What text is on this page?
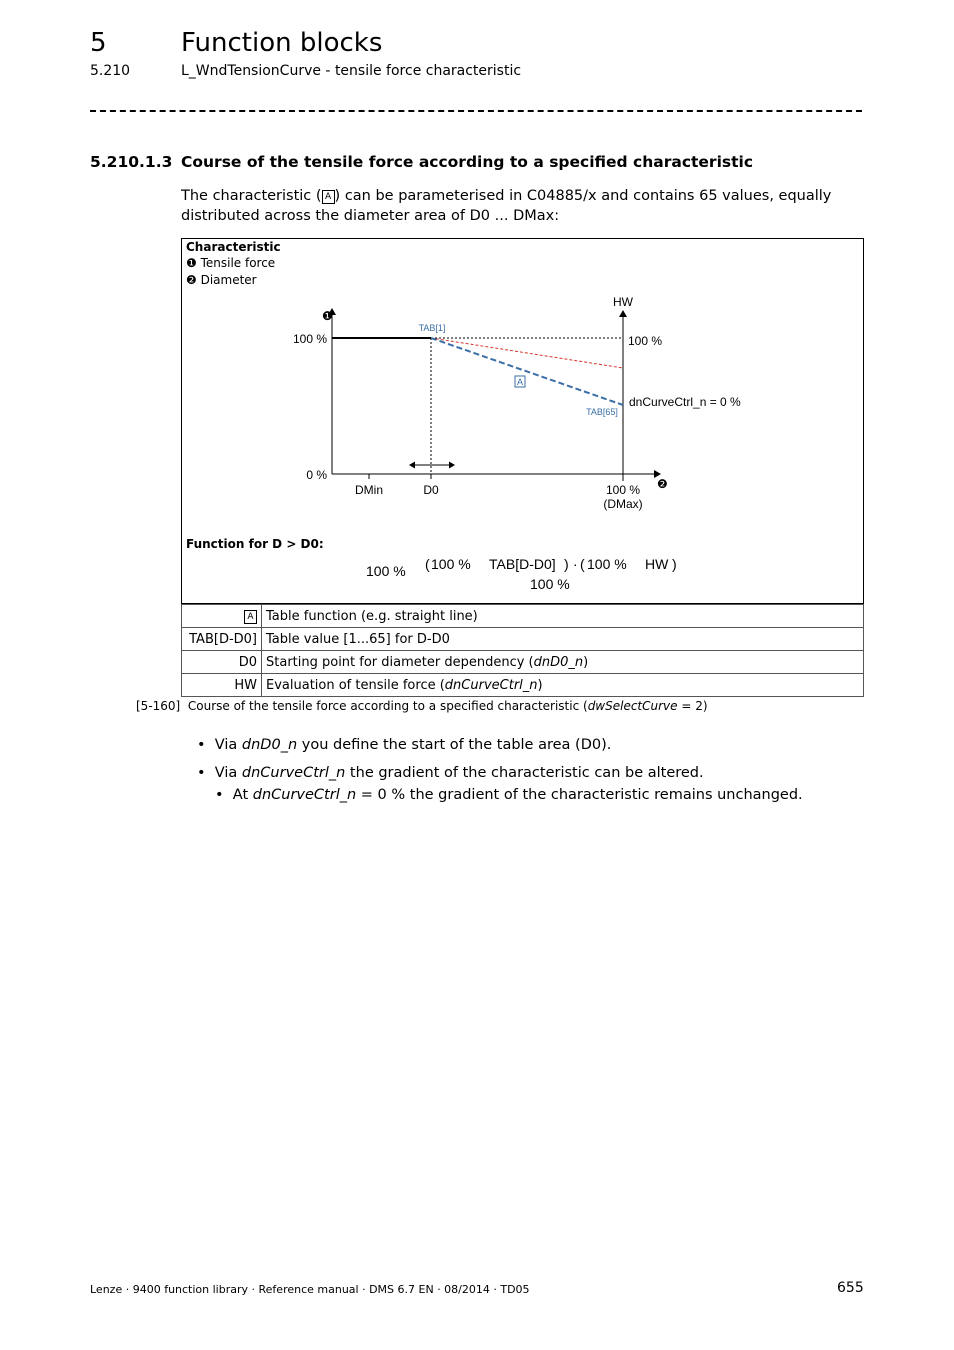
5	Function blocks
5.210	L_WndTensionCurve - tensile force characteristic
5.210.1.3 Course of the tensile force according to a specified characteristic
The characteristic ( A ) can be parameterised in C04885/x and contains 65 values, equally distributed across the diameter area of D0 ... DMax:
Characteristic
❶ Tensile force
❷ Diameter
A
❶
❷
100 %
0 %
DMin	D0	100 %
(DMax)
HW
100 %
dnCurveCtrl_n = 0 %
TAB[1]
TAB[65]
Function for D > D0:
100 % ( 100 % TAB[D-D0] ) · ( 100 % HW )
100 %
A	Table function (e.g. straight line)
TAB[D-D0]	Table value [1...65] for D-D0
D0	Starting point for diameter dependency (dnD0_n)
HW	Evaluation of tensile force (dnCurveCtrl_n)
[5-160] Course of the tensile force according to a specified characteristic (dwSelectCurve = 2)
• Via dnD0_n you define the start of the table area (D0).
• Via dnCurveCtrl_n the gradient of the characteristic can be altered.
• At dnCurveCtrl_n = 0 % the gradient of the characteristic remains unchanged.
Lenze · 9400 function library · Reference manual · DMS 6.7 EN · 08/2014 · TD05	655
